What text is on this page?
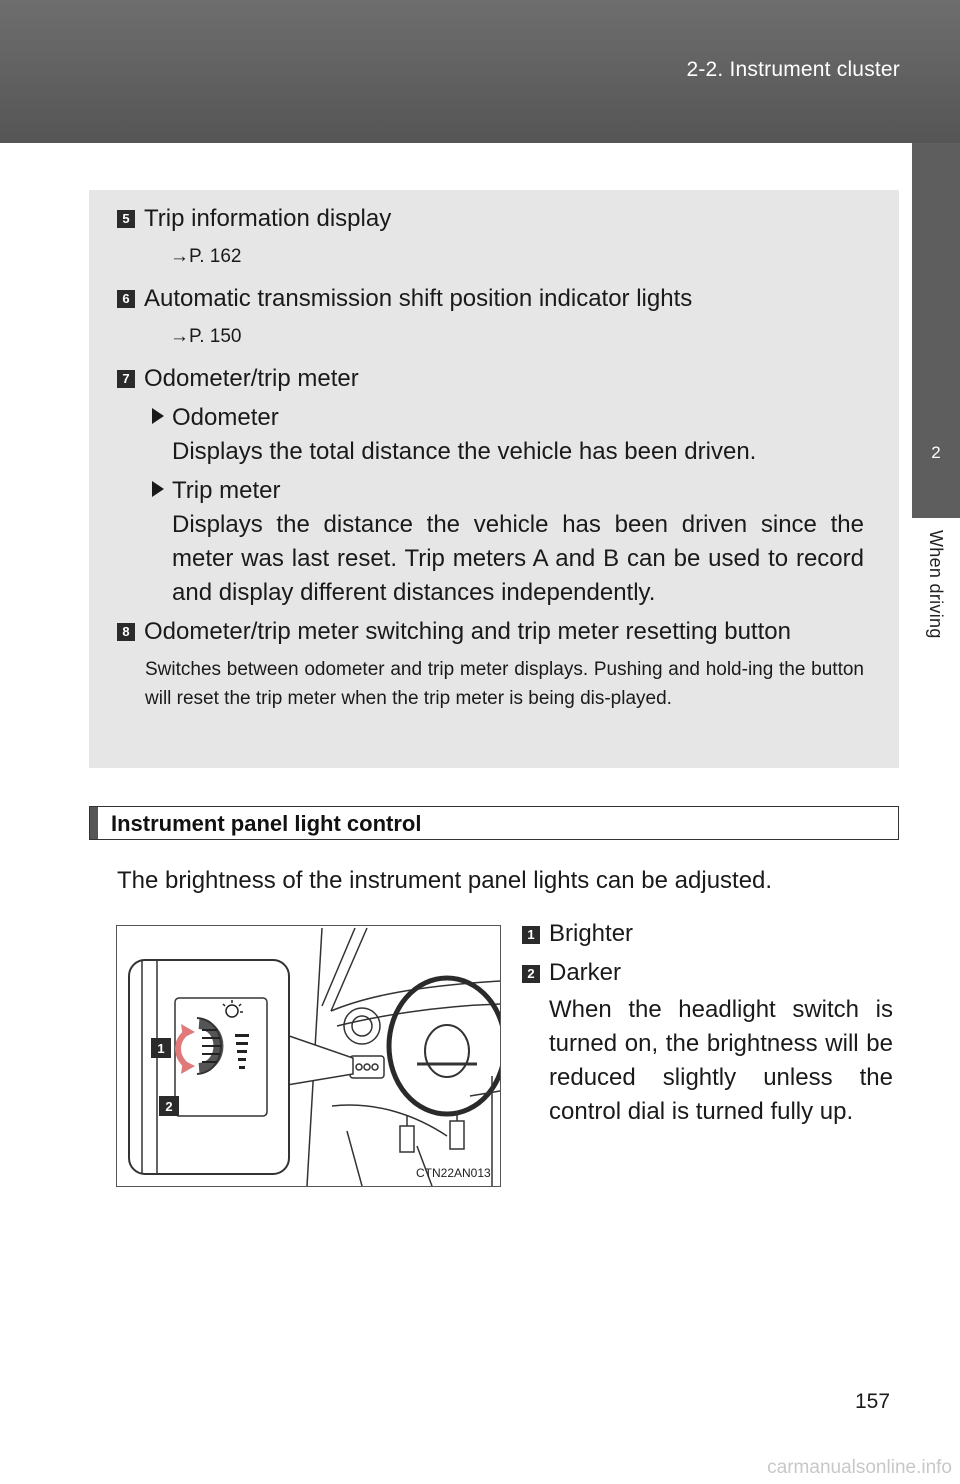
2-2. Instrument cluster
2
When driving
5 Trip information display
→P. 162
6 Automatic transmission shift position indicator lights
→P. 150
7 Odometer/trip meter
Odometer
Displays the total distance the vehicle has been driven.
Trip meter
Displays the distance the vehicle has been driven since the meter was last reset. Trip meters A and B can be used to record and display different distances independently.
8 Odometer/trip meter switching and trip meter resetting button
Switches between odometer and trip meter displays. Pushing and hold-ing the button will reset the trip meter when the trip meter is being dis-played.
Instrument panel light control
The brightness of the instrument panel lights can be adjusted.
1
2
CTN22AN013
1 Brighter
2 Darker
When the headlight switch is turned on, the brightness will be reduced slightly unless the control dial is turned fully up.
157
carmanualsonline.info
